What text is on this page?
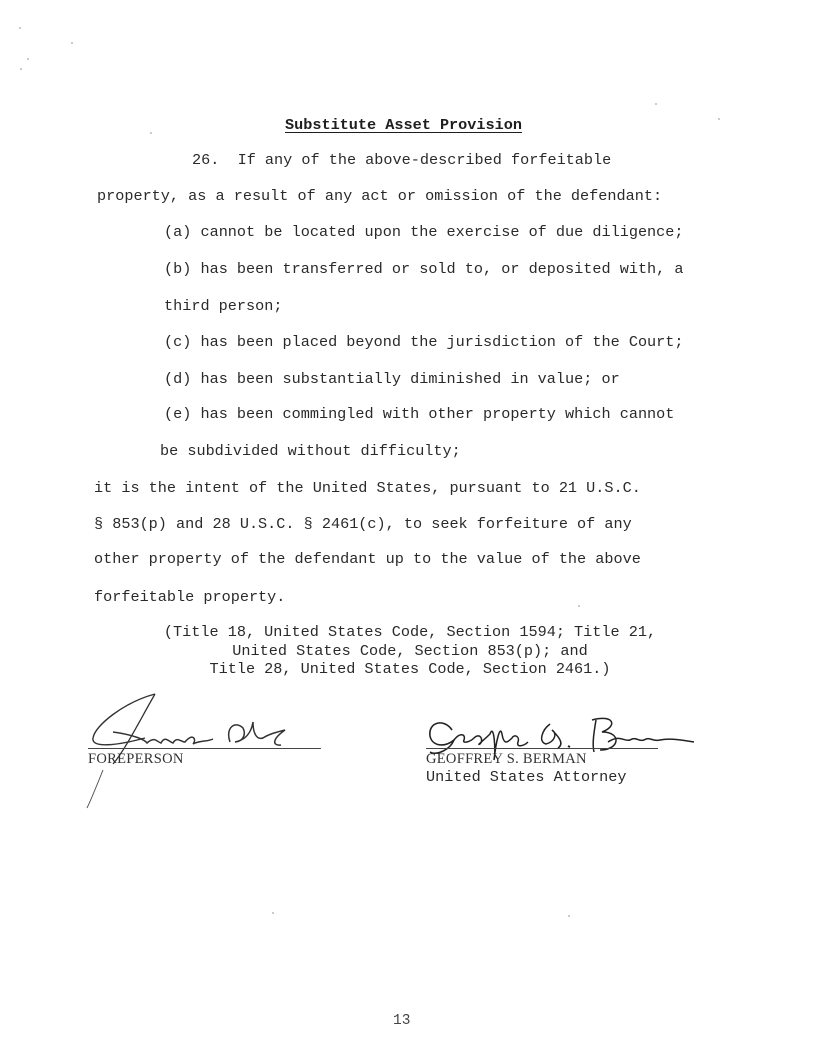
Substitute Asset Provision
26. If any of the above-described forfeitable
property, as a result of any act or omission of the defendant:
(a) cannot be located upon the exercise of due diligence;
(b) has been transferred or sold to, or deposited with, a
third person;
(c) has been placed beyond the jurisdiction of the Court;
(d) has been substantially diminished in value; or
(e) has been commingled with other property which cannot
be subdivided without difficulty;
it is the intent of the United States, pursuant to 21 U.S.C.
§ 853(p) and 28 U.S.C. § 2461(c), to seek forfeiture of any
other property of the defendant up to the value of the above
forfeitable property.
(Title 18, United States Code, Section 1594; Title 21,
United States Code, Section 853(p); and
Title 28, United States Code, Section 2461.)
FOREPERSON	GEOFFREY S. BERMAN
United States Attorney
13
